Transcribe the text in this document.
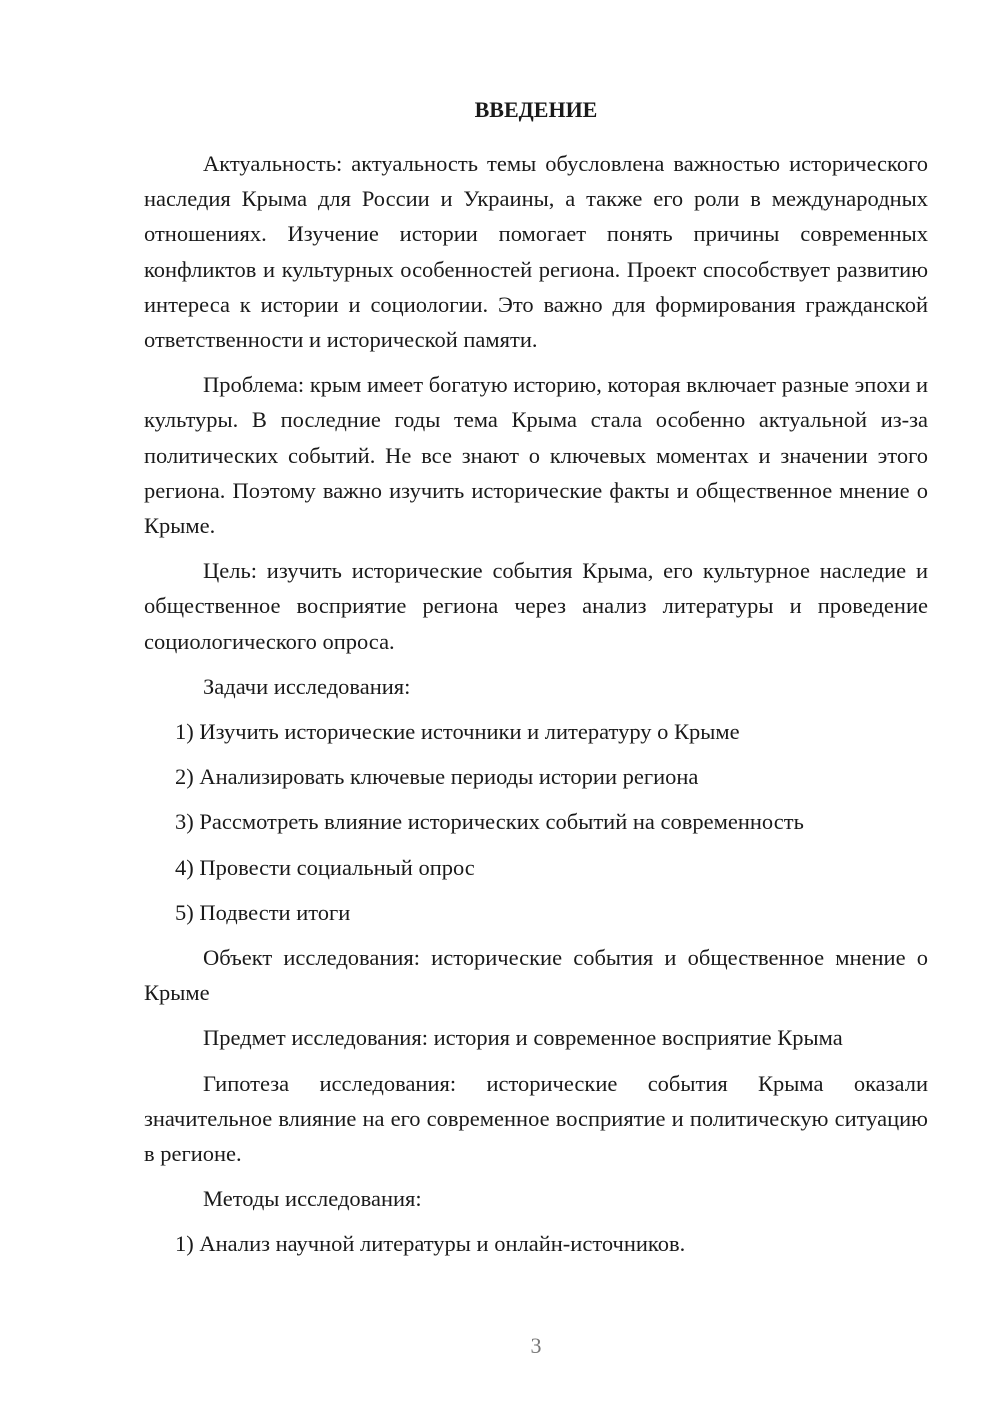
ВВЕДЕНИЕ

Актуальность: актуальность темы обусловлена важностью исторического наследия Крыма для России и Украины, а также его роли в международных отношениях. Изучение истории помогает понять причины современных конфликтов и культурных особенностей региона. Проект способствует развитию интереса к истории и социологии. Это важно для формирования гражданской ответственности и исторической памяти.

Проблема: крым имеет богатую историю, которая включает разные эпохи и культуры. В последние годы тема Крыма стала особенно актуальной из-за политических событий. Не все знают о ключевых моментах и значении этого региона. Поэтому важно изучить исторические факты и общественное мнение о Крыме.

Цель: изучить исторические события Крыма, его культурное наследие и общественное восприятие региона через анализ литературы и проведение социологического опроса.

Задачи исследования:
1) Изучить исторические источники и литературу о Крыме
2) Анализировать ключевые периоды истории региона
3) Рассмотреть влияние исторических событий на современность
4) Провести социальный опрос
5) Подвести итоги

Объект исследования: исторические события и общественное мнение о Крыме

Предмет исследования: история и современное восприятие Крыма

Гипотеза исследования: исторические события Крыма оказали значительное влияние на его современное восприятие и политическую ситуацию в регионе.

Методы исследования:
1) Анализ научной литературы и онлайн-источников.
3
